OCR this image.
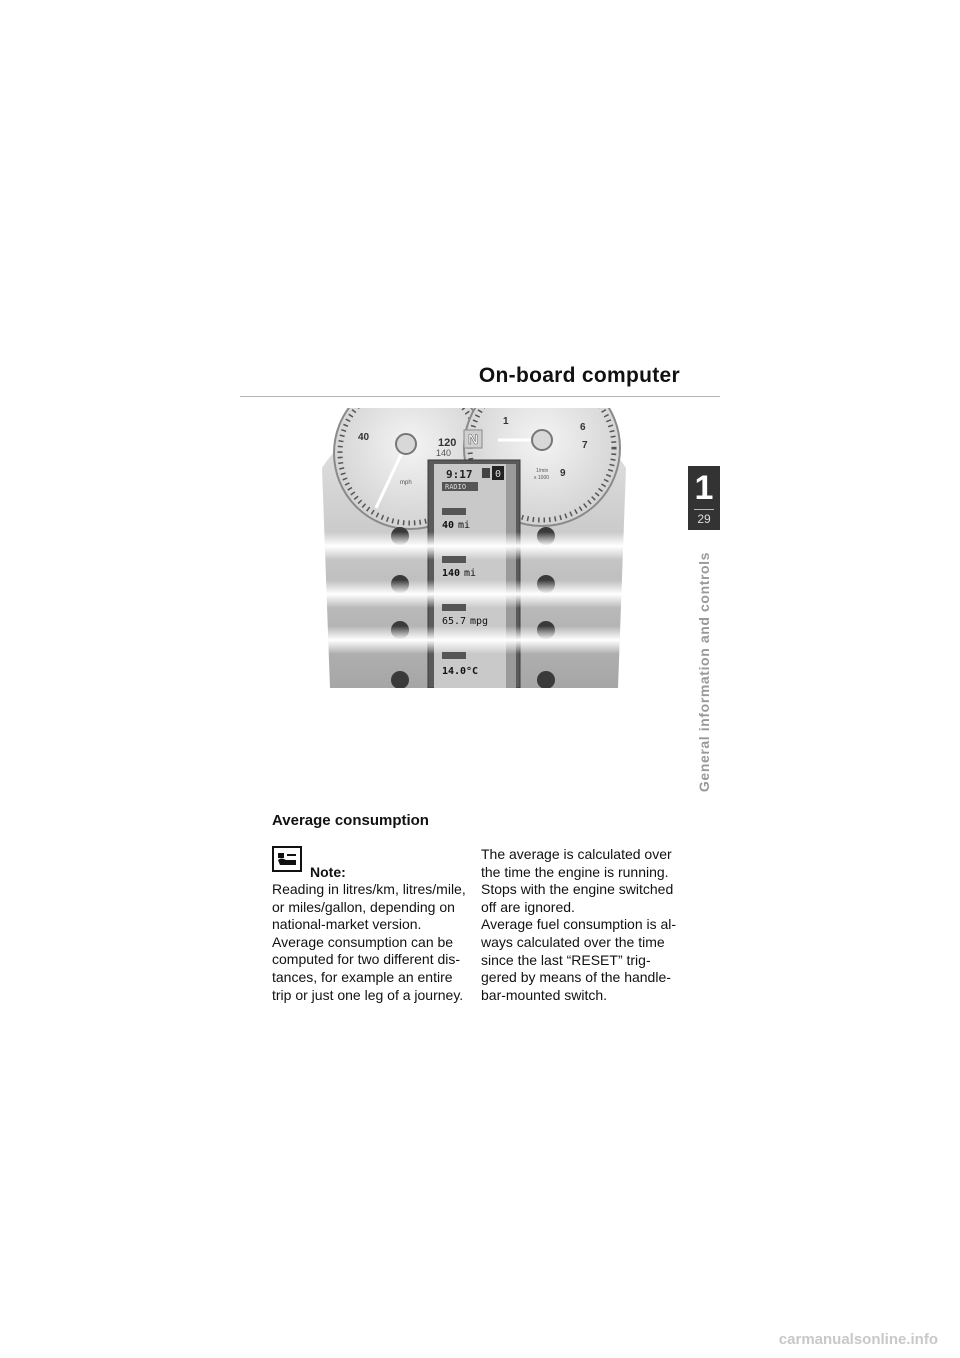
On-board computer
1
29
General information and controls
120
140
40
mph
1
6
7
9
1/min
x 1000
N
9:17 0
RADIO
40 mi
140 mi
65.7 mpg
14.0 °C
Average consumption
Note:

Reading in litres/km, litres/mile, or miles/gallon, depending on national-market version.

Average consumption can be computed for two different dis- tances, for example an entire trip or just one leg of a journey.

The average is calculated over the time the engine is running. Stops with the engine switched off are ignored.

Average fuel consumption is al- ways calculated over the time since the last “RESET” trig- gered by means of the handle- bar-mounted switch.

carmanualsonline.info
